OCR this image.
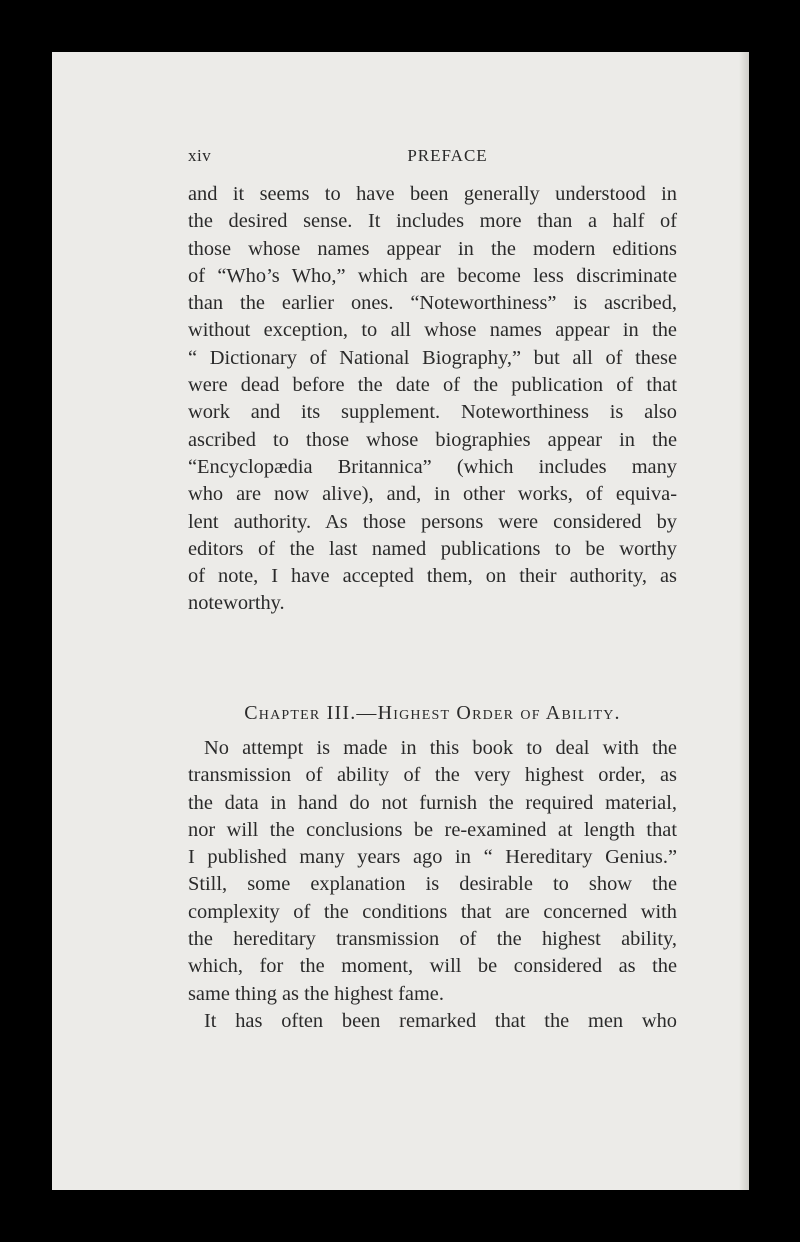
xiv	PREFACE
and it seems to have been generally understood in
the desired sense. It includes more than a half of
those whose names appear in the modern editions
of “Who’s Who,” which are become less discriminate
than the earlier ones. “Noteworthiness” is ascribed,
without exception, to all whose names appear in the
“ Dictionary of National Biography,” but all of these
were dead before the date of the publication of that
work and its supplement. Noteworthiness is also
ascribed to those whose biographies appear in the
“Encyclopædia Britannica” (which includes many
who are now alive), and, in other works, of equiva-
lent authority. As those persons were considered by
editors of the last named publications to be worthy
of note, I have accepted them, on their authority, as
noteworthy.
Chapter III.—Highest Order of Ability.
No attempt is made in this book to deal with the
transmission of ability of the very highest order, as
the data in hand do not furnish the required material,
nor will the conclusions be re-examined at length that
I published many years ago in “ Hereditary Genius.”
Still, some explanation is desirable to show the
complexity of the conditions that are concerned with
the hereditary transmission of the highest ability,
which, for the moment, will be considered as the
same thing as the highest fame.
It has often been remarked that the men who
